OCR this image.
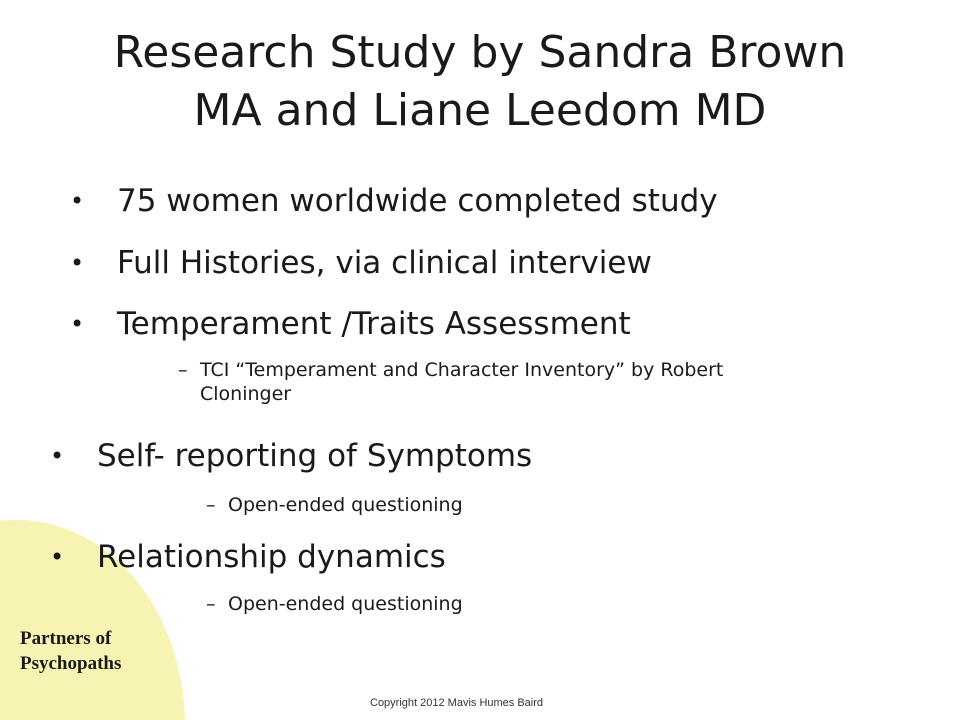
Research Study by Sandra Brown
MA and Liane Leedom MD
• 75 women worldwide completed study
• Full Histories, via clinical interview
• Temperament /Traits Assessment
– TCI “Temperament and Character Inventory” by Robert Cloninger
• Self- reporting of Symptoms
– Open-ended questioning
• Relationship dynamics
– Open-ended questioning
Partners of
Psychopaths
Copyright 2012 Mavis Humes Baird
